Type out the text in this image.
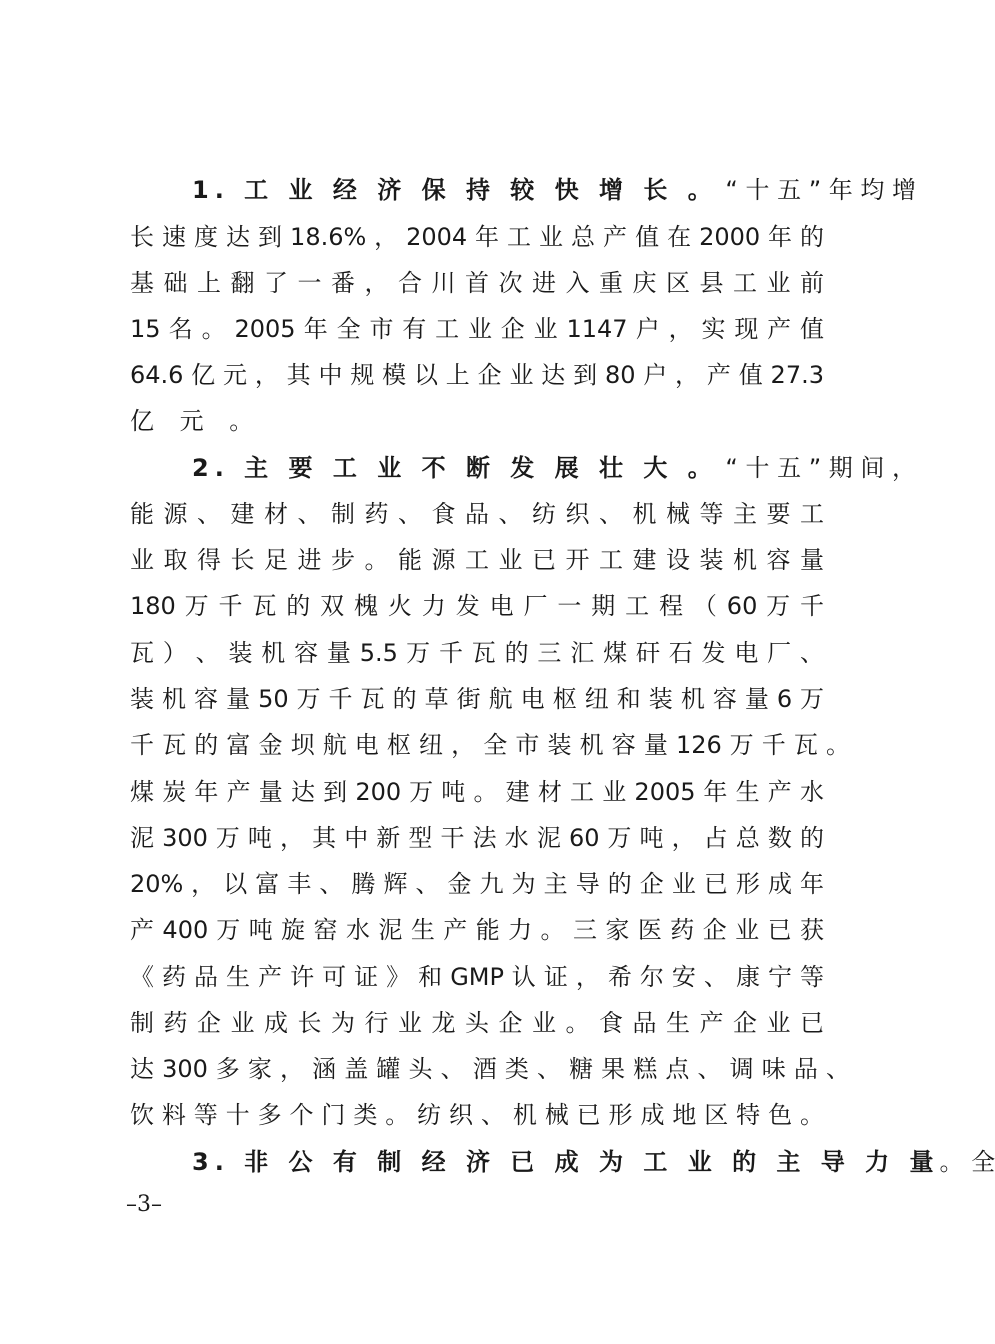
1. 工 业 经 济 保 持 较 快 增 长 。 “ 十 五 ” 年 均 增
长 速 度 达 到 18.6% ， 2004 年 工 业 总 产 值 在 2000 年 的
基 础 上 翻 了 一 番 ， 合 川 首 次 进 入 重 庆 区 县 工 业 前
15 名 。 2005 年 全 市 有 工 业 企 业 1147 户 ， 实 现 产 值
64.6 亿 元 ， 其 中 规 模 以 上 企 业 达 到 80 户 ， 产 值 27.3
亿 元 。
2. 主 要 工 业 不 断 发 展 壮 大 。 “ 十 五 ” 期 间 ，
能 源 、 建 材 、 制 药 、 食 品 、 纺 织 、 机 械 等 主 要 工
业 取 得 长 足 进 步 。 能 源 工 业 已 开 工 建 设 装 机 容 量
180 万 千 瓦 的 双 槐 火 力 发 电 厂 一 期 工 程 （ 60 万 千
瓦 ） 、 装 机 容 量 5.5 万 千 瓦 的 三 汇 煤 矸 石 发 电 厂 、
装 机 容 量 50 万 千 瓦 的 草 街 航 电 枢 纽 和 装 机 容 量 6 万
千 瓦 的 富 金 坝 航 电 枢 纽 ， 全 市 装 机 容 量 126 万 千 瓦 。
煤 炭 年 产 量 达 到 200 万 吨 。 建 材 工 业 2005 年 生 产 水
泥 300 万 吨 ， 其 中 新 型 干 法 水 泥 60 万 吨 ， 占 总 数 的
20% ， 以 富 丰 、 腾 辉 、 金 九 为 主 导 的 企 业 已 形 成 年
产 400 万 吨 旋 窑 水 泥 生 产 能 力 。 三 家 医 药 企 业 已 获
《 药 品 生 产 许 可 证 》 和 GMP 认 证 ， 希 尔 安 、 康 宁 等
制 药 企 业 成 长 为 行 业 龙 头 企 业 。 食 品 生 产 企 业 已
达 300 多 家 ， 涵 盖 罐 头 、 酒 类 、 糖 果 糕 点 、 调 味 品 、
饮 料 等 十 多 个 门 类 。 纺 织 、 机 械 已 形 成 地 区 特 色 。
3. 非 公 有 制 经 济 已 成 为 工 业 的 主 导 力 量。 全
–3–
